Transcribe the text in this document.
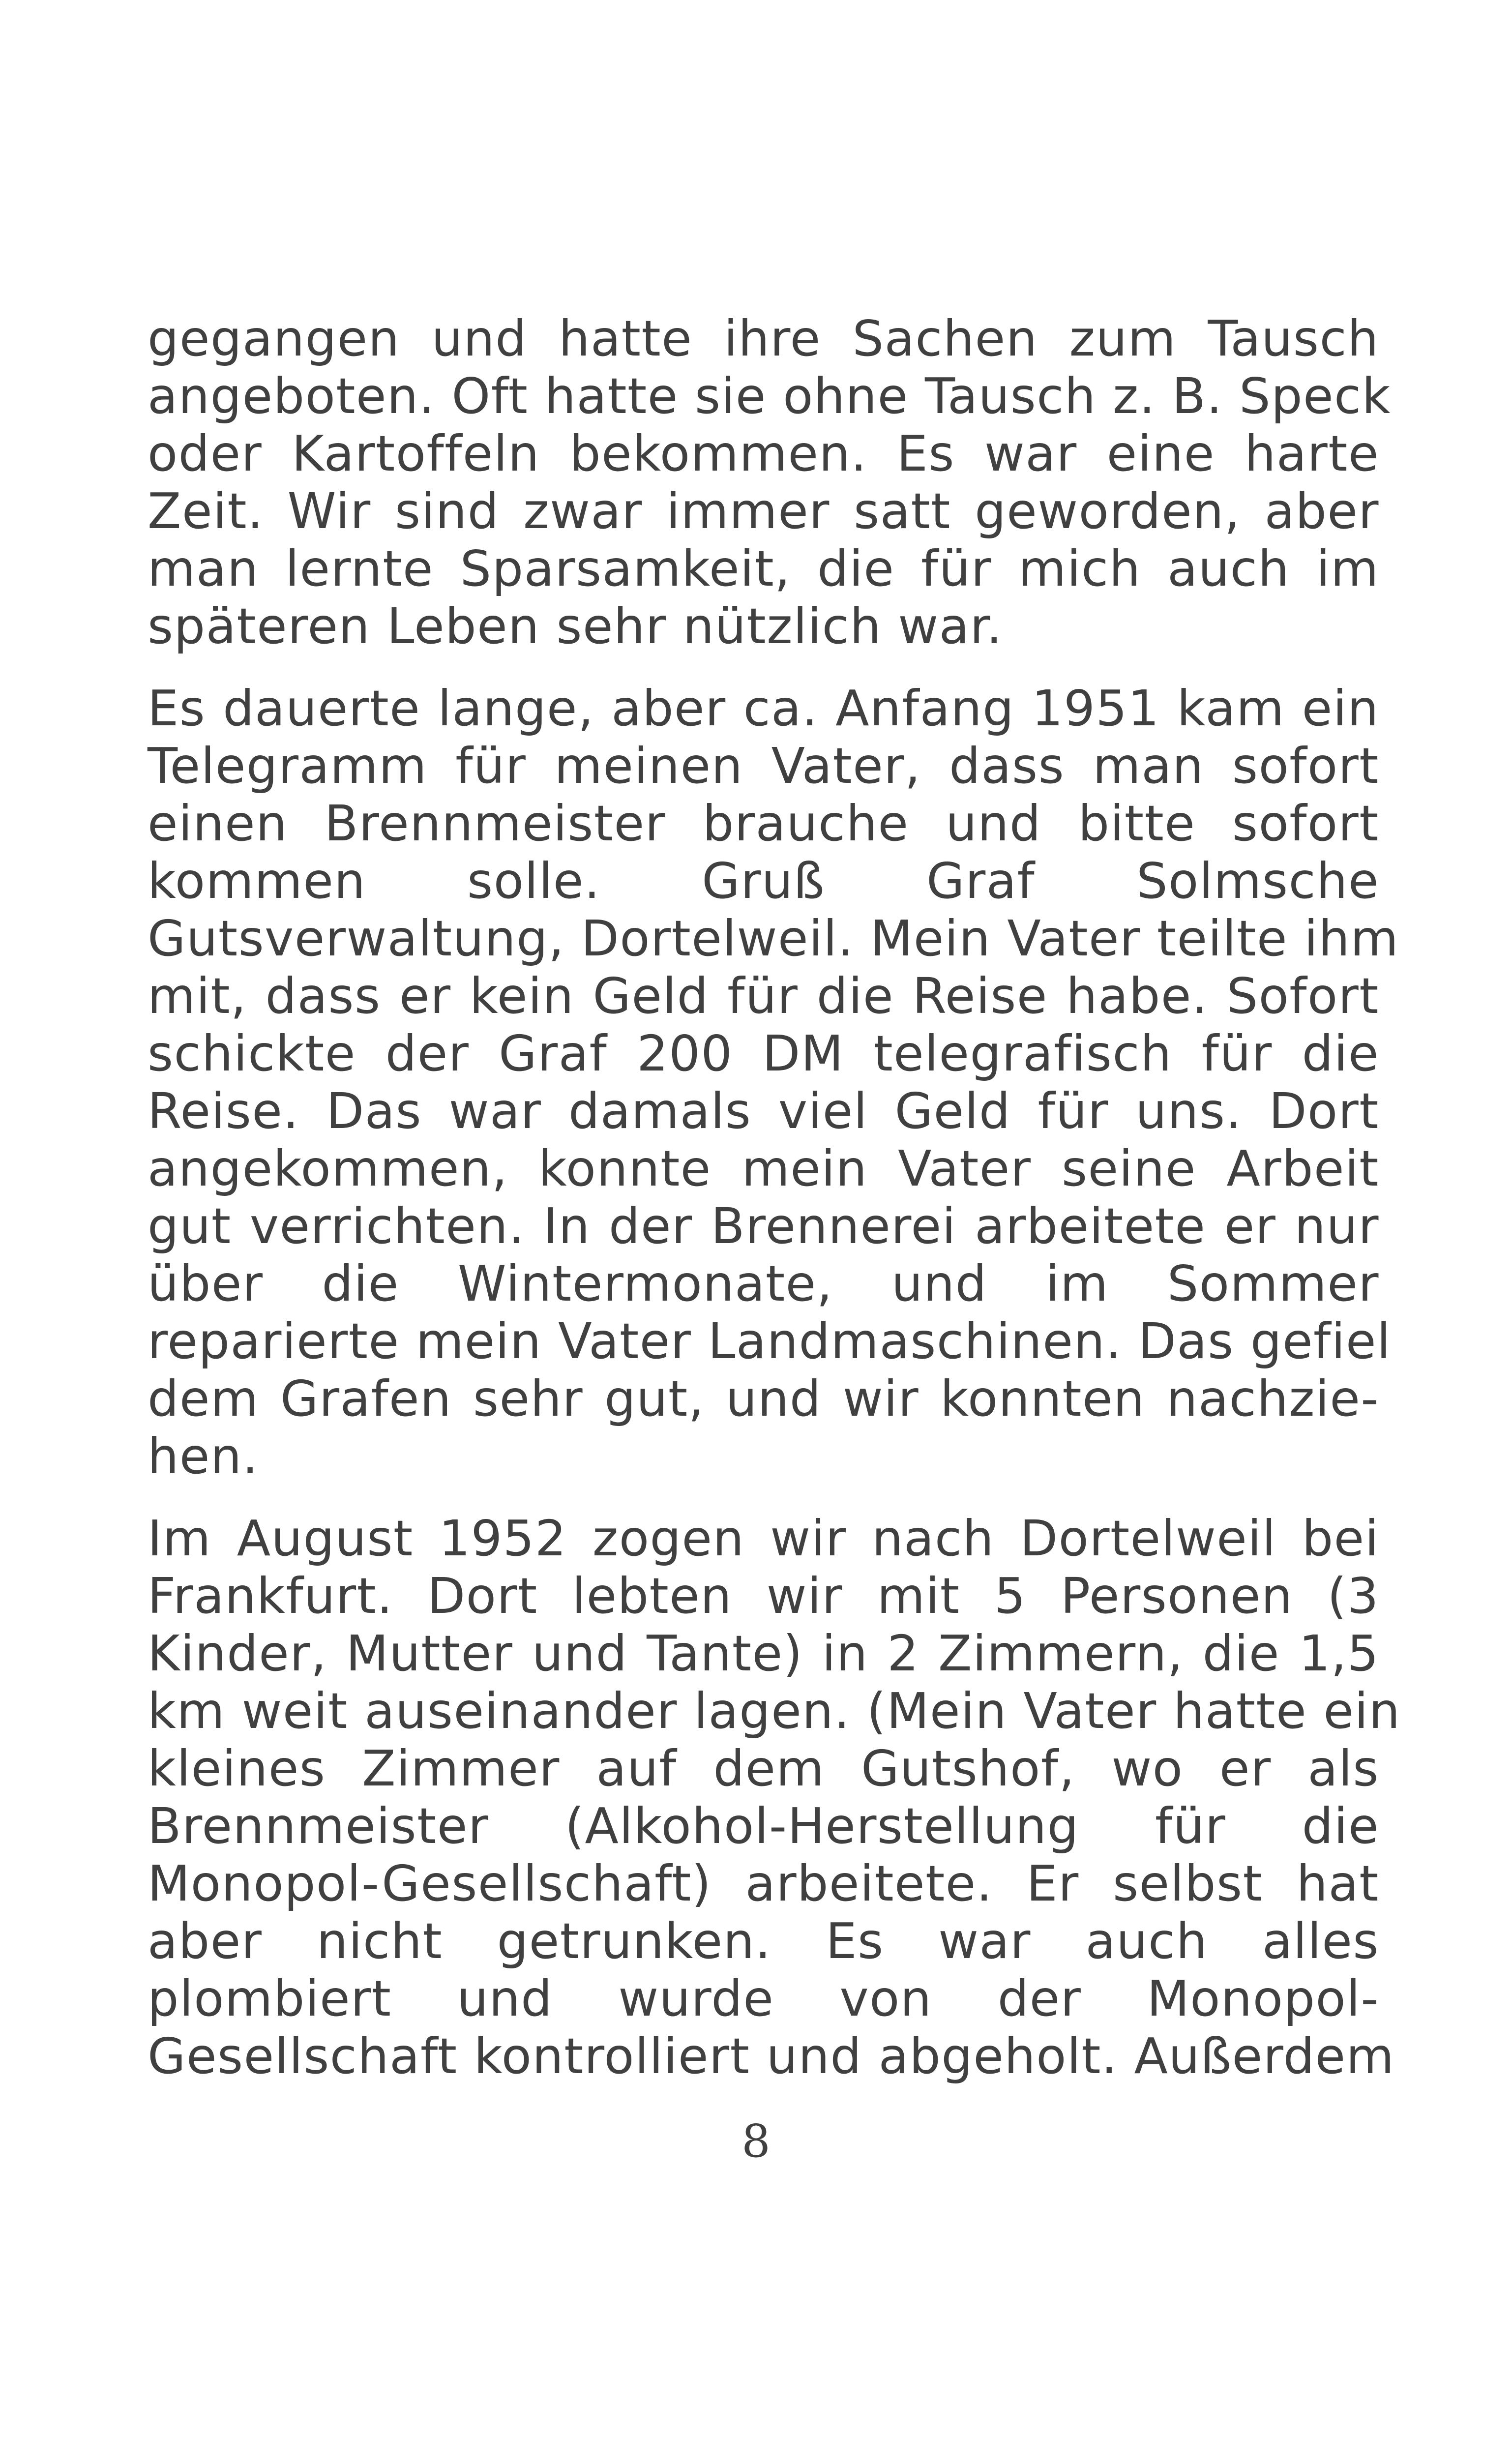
gegangen und hatte ihre Sachen zum Tausch
angeboten. Oft hatte sie ohne Tausch z. B. Speck
oder Kartoffeln bekommen. Es war eine harte
Zeit. Wir sind zwar immer satt geworden, aber
man lernte Sparsamkeit, die für mich auch im
späteren Leben sehr nützlich war.

Es dauerte lange, aber ca. Anfang 1951 kam ein
Telegramm für meinen Vater, dass man sofort
einen Brennmeister brauche und bitte sofort
kommen solle. Gruß Graf Solmsche
Gutsverwaltung, Dortelweil. Mein Vater teilte ihm
mit, dass er kein Geld für die Reise habe. Sofort
schickte der Graf 200 DM telegrafisch für die
Reise. Das war damals viel Geld für uns. Dort
angekommen, konnte mein Vater seine Arbeit
gut verrichten. In der Brennerei arbeitete er nur
über die Wintermonate, und im Sommer
reparierte mein Vater Landmaschinen. Das gefiel
dem Grafen sehr gut, und wir konnten nachzie-
hen.

Im August 1952 zogen wir nach Dortelweil bei
Frankfurt. Dort lebten wir mit 5 Personen (3
Kinder, Mutter und Tante) in 2 Zimmern, die 1,5
km weit auseinander lagen. (Mein Vater hatte ein
kleines Zimmer auf dem Gutshof, wo er als
Brennmeister (Alkohol-Herstellung für die
Monopol-Gesellschaft) arbeitete. Er selbst hat
aber nicht getrunken. Es war auch alles
plombiert und wurde von der Monopol-
Gesellschaft kontrolliert und abgeholt. Außerdem

8
